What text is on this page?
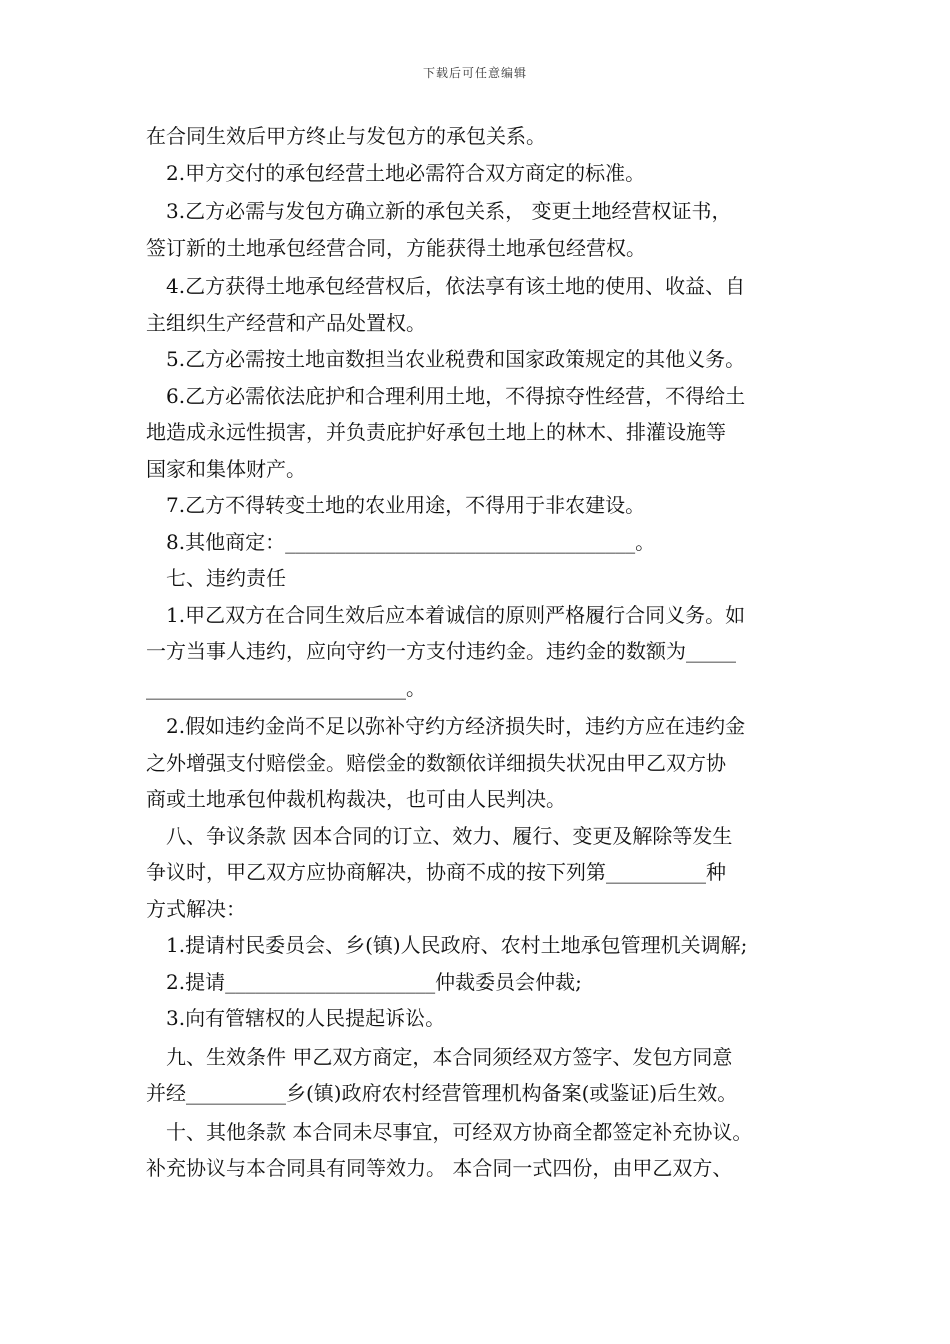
下载后可任意编辑

在合同生效后甲方终止与发包方的承包关系。

2.甲方交付的承包经营土地必需符合双方商定的标准。

3.乙方必需与发包方确立新的承包关系， 变更土地经营权证书，

签订新的土地承包经营合同，方能获得土地承包经营权。

4.乙方获得土地承包经营权后，依法享有该土地的使用、收益、自

主组织生产经营和产品处置权。

5.乙方必需按土地亩数担当农业税费和国家政策规定的其他义务。

6.乙方必需依法庇护和合理利用土地，不得掠夺性经营，不得给土

地造成永远性损害，并负责庇护好承包土地上的林木、排灌设施等

国家和集体财产。

7.乙方不得转变土地的农业用途，不得用于非农建设。

8.其他商定：___________________________________。

七、违约责任

1.甲乙双方在合同生效后应本着诚信的原则严格履行合同义务。如

一方当事人违约，应向守约一方支付违约金。违约金的数额为_____

__________________________。

2.假如违约金尚不足以弥补守约方经济损失时，违约方应在违约金

之外增强支付赔偿金。赔偿金的数额依详细损失状况由甲乙双方协

商或土地承包仲裁机构裁决，也可由人民判决。

八、争议条款 因本合同的订立、效力、履行、变更及解除等发生

争议时，甲乙双方应协商解决，协商不成的按下列第__________种

方式解决：

1.提请村民委员会、乡(镇)人民政府、农村土地承包管理机关调解;

2.提请_____________________仲裁委员会仲裁;

3.向有管辖权的人民提起诉讼。

九、生效条件 甲乙双方商定，本合同须经双方签字、发包方同意

并经__________乡(镇)政府农村经营管理机构备案(或鉴证)后生效。

十、其他条款 本合同未尽事宜，可经双方协商全都签定补充协议。

补充协议与本合同具有同等效力。 本合同一式四份，由甲乙双方、
